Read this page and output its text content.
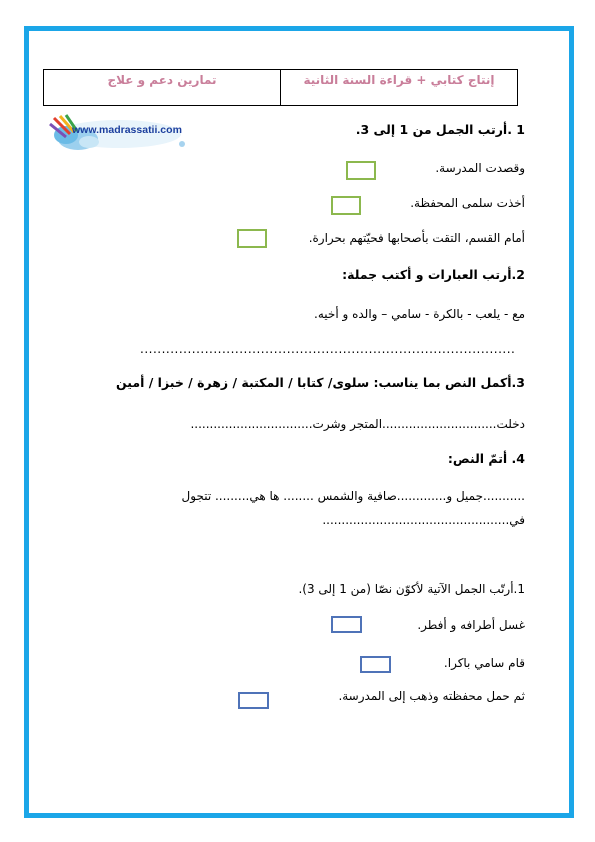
تمارين دعم و علاج	إنتاج كتابي + قراءة السنة الثانية
www.madrassatii.com	1 .أرتب الجمل من 1 إلى 3.
وقصدت المدرسة.
أخذت سلمى المحفظة.
أمام القسم، التقت بأصحابها فحيّتهم بحرارة.
2.أرتب العبارات و أكتب جملة:
مع - يلعب - بالكرة - سامي – والده و أخيه.
.......................................................................................
3.أكمل النص بما يناسب: سلوى/ كتابا / المكتبة / زهرة / خبزا / أمين
دخلت..............................المتجر وشرت................................
4. أتمّ النص:
...........جميل و.............صافية والشمس ........ ها هي......... تتجول
في.................................................
1.أرتّب الجمل الآتية لأكوّن نصّا (من 1 إلى 3).
غسل أطرافه و أفطر.
قام سامي باكرا.
ثم حمل محفظته وذهب إلى المدرسة.
